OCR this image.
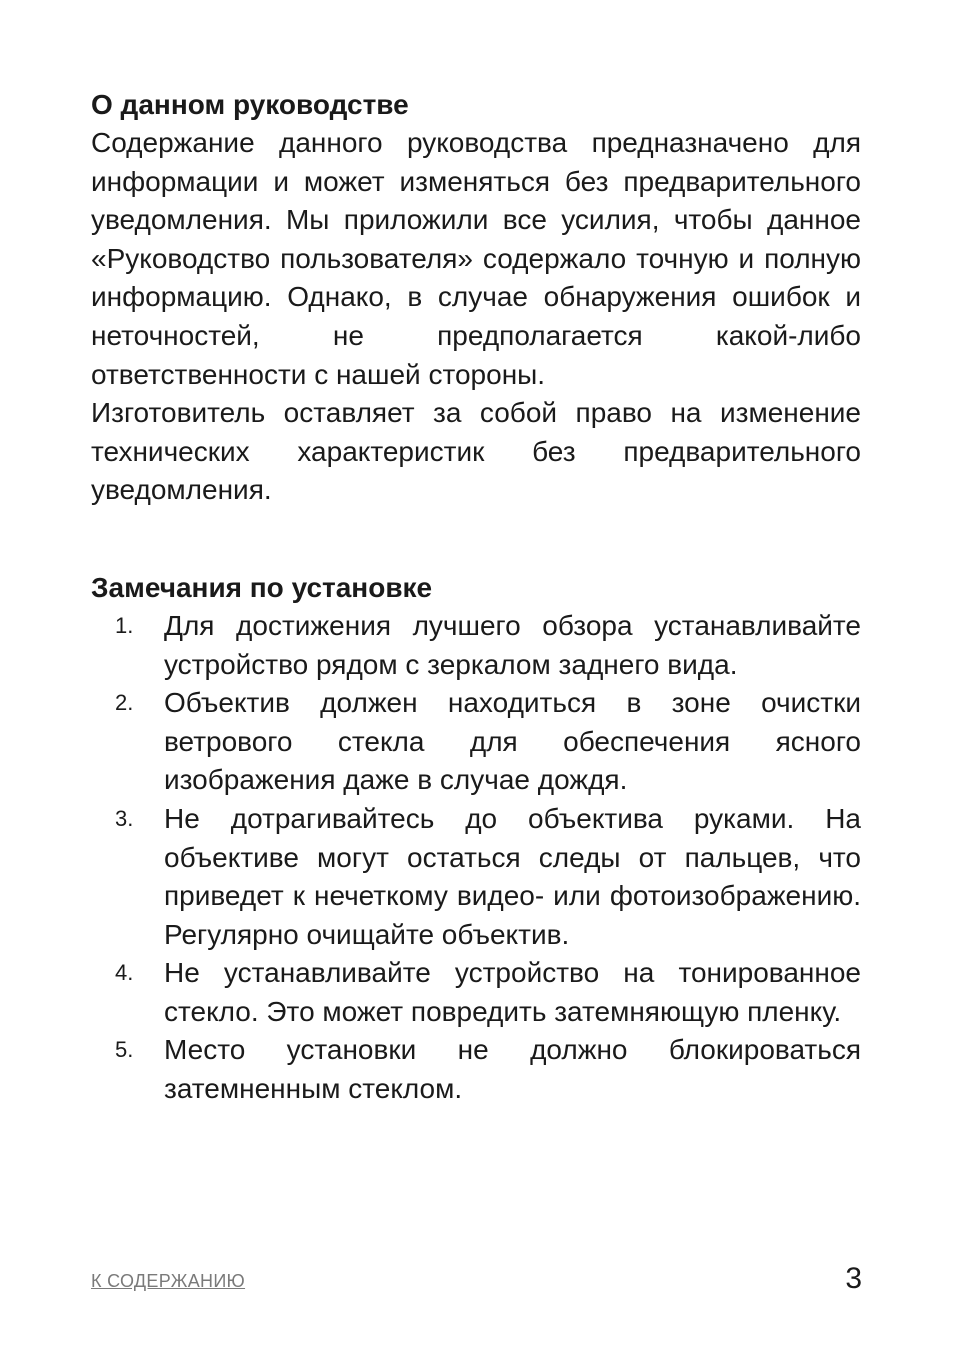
О данном руководстве

Содержание данного руководства предназначено для информации и может изменяться без предварительного уведомления. Мы приложили все усилия, чтобы данное «Руководство пользователя» содержало точную и полную информацию. Однако, в случае обнаружения ошибок и неточностей, не предполагается какой-либо ответственности с нашей стороны.

Изготовитель оставляет за собой право на изменение технических характеристик без предварительного уведомления.

Замечания по установке
1. Для достижения лучшего обзора устанавливайте устройство рядом с зеркалом заднего вида.
2. Объектив должен находиться в зоне очистки ветрового стекла для обеспечения ясного изображения даже в случае дождя.
3. Не дотрагивайтесь до объектива руками. На объективе могут остаться следы от пальцев, что приведет к нечеткому видео- или фотоизображению. Регулярно очищайте объектив.
4. Не устанавливайте устройство на тонированное стекло. Это может повредить затемняющую пленку.
5. Место установки не должно блокироваться затемненным стеклом.
К СОДЕРЖАНИЮ	3
